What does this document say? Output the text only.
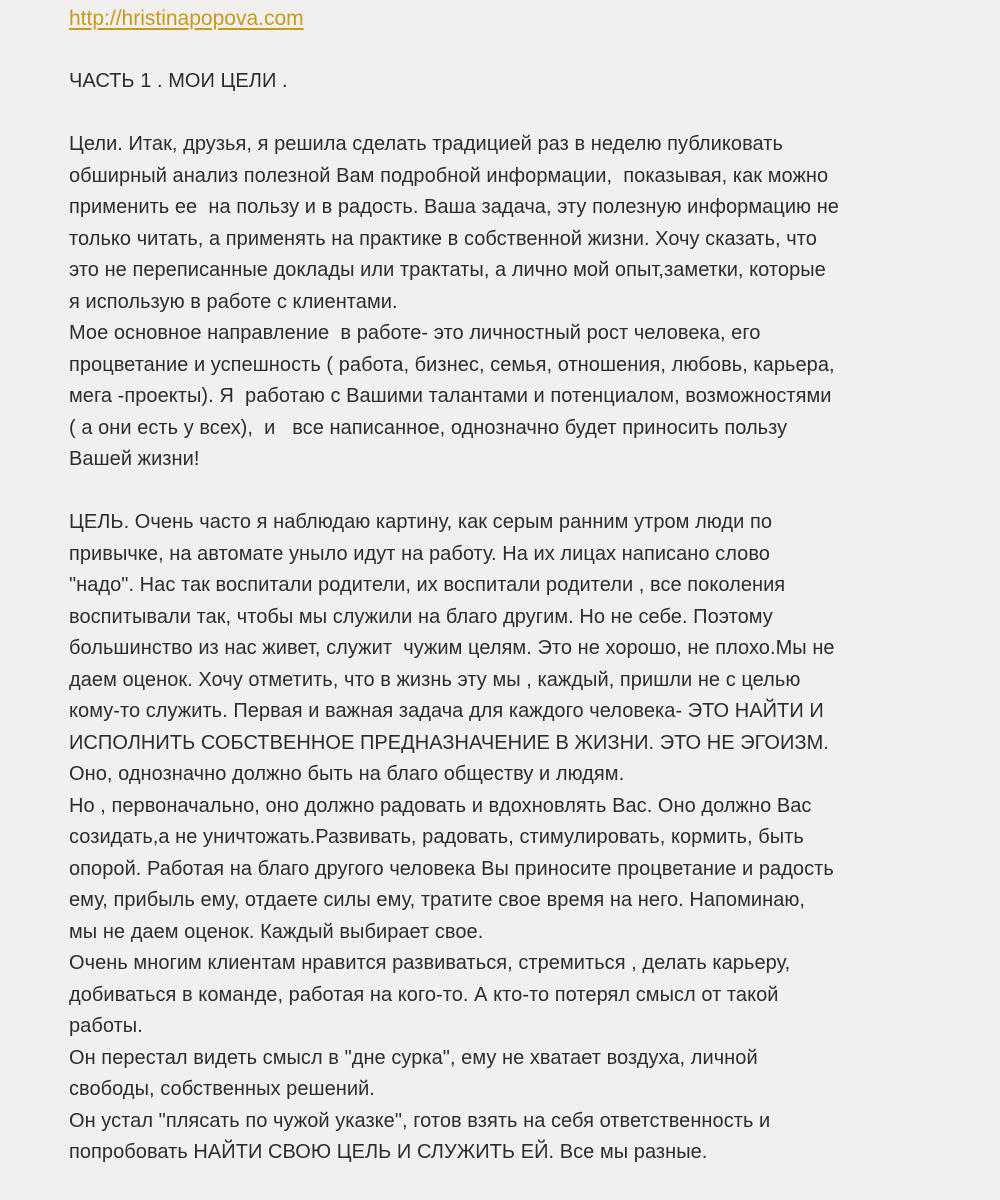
http://hristinapopova.com
ЧАСТЬ 1 . МОИ ЦЕЛИ .
Цели. Итак, друзья, я решила сделать традицией раз в неделю публиковать
обширный анализ полезной Вам подробной информации,  показывая, как можно
применить ее  на пользу и в радость. Ваша задача, эту полезную информацию не
только читать, а применять на практике в собственной жизни. Хочу сказать, что
это не переписанные доклады или трактаты, а лично мой опыт,заметки, которые
я использую в работе с клиентами.
Мое основное направление  в работе- это личностный рост человека, его
процветание и успешность ( работа, бизнес, семья, отношения, любовь, карьера,
мега -проекты). Я  работаю с Вашими талантами и потенциалом, возможностями
( а они есть у всех),  и   все написанное, однозначно будет приносить пользу
Вашей жизни!
ЦЕЛЬ. Очень часто я наблюдаю картину, как серым ранним утром люди по
привычке, на автомате уныло идут на работу. На их лицах написано слово
"надо". Нас так воспитали родители, их воспитали родители , все поколения
воспитывали так, чтобы мы служили на благо другим. Но не себе. Поэтому
большинство из нас живет, служит  чужим целям. Это не хорошо, не плохо.Мы не
даем оценок. Хочу отметить, что в жизнь эту мы , каждый, пришли не с целью
кому-то служить. Первая и важная задача для каждого человека- ЭТО НАЙТИ И
ИСПОЛНИТЬ СОБСТВЕННОЕ ПРЕДНАЗНАЧЕНИЕ В ЖИЗНИ. ЭТО НЕ ЭГОИЗМ.
Оно, однозначно должно быть на благо обществу и людям.
Но , первоначально, оно должно радовать и вдохновлять Вас. Оно должно Вас
созидать,а не уничтожать.Развивать, радовать, стимулировать, кормить, быть
опорой. Работая на благо другого человека Вы приносите процветание и радость
ему, прибыль ему, отдаете силы ему, тратите свое время на него. Напоминаю,
мы не даем оценок. Каждый выбирает свое.
Очень многим клиентам нравится развиваться, стремиться , делать карьеру,
добиваться в команде, работая на кого-то. А кто-то потерял смысл от такой
работы.
Он перестал видеть смысл в "дне сурка", ему не хватает воздуха, личной
свободы, собственных решений.
Он устал "плясать по чужой указке", готов взять на себя ответственность и
попробовать НАЙТИ СВОЮ ЦЕЛЬ И СЛУЖИТЬ ЕЙ. Все мы разные.
